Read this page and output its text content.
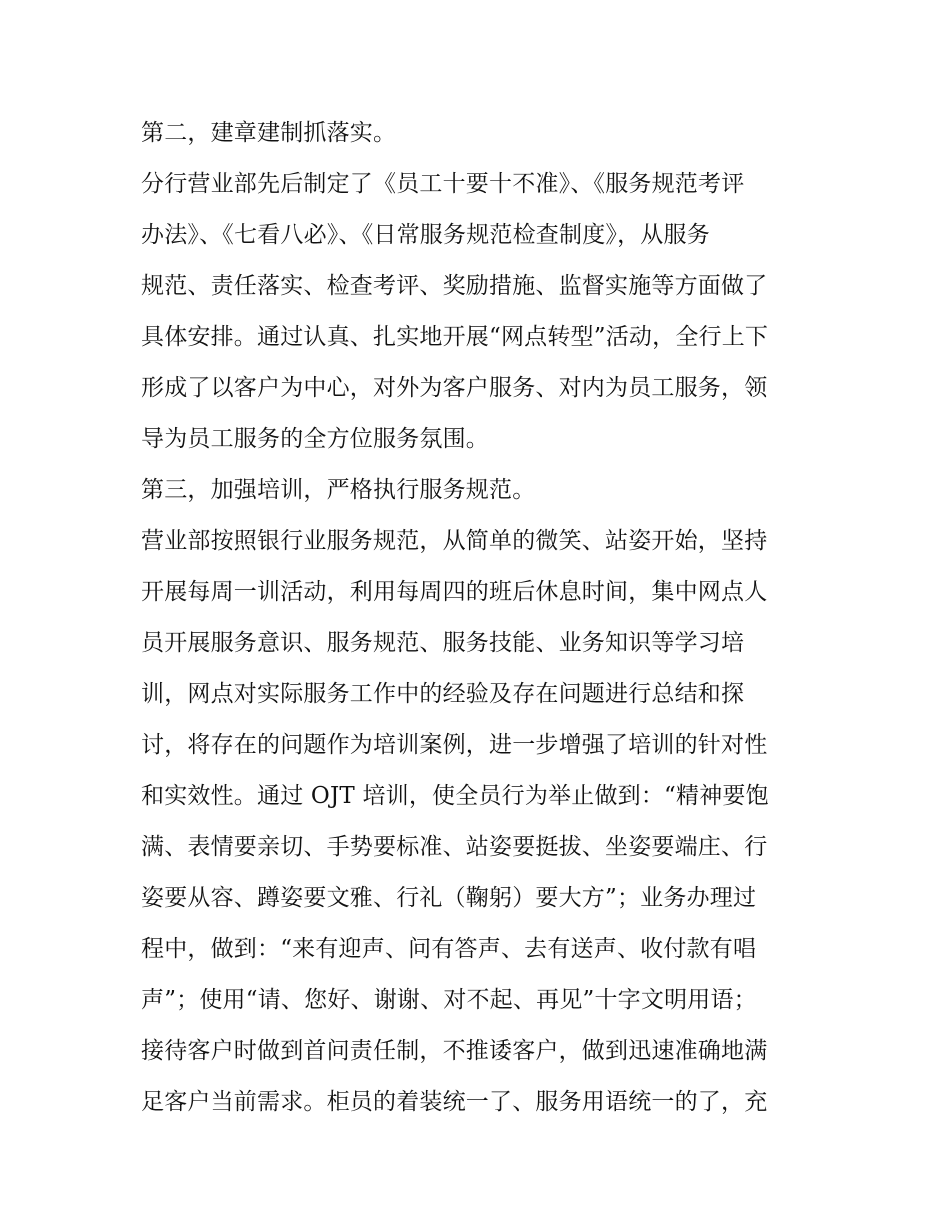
第二，建章建制抓落实。
分行营业部先后制定了《员工十要十不准》、《服务规范考评
办法》、《七看八必》、《日常服务规范检查制度》，从服务
规范、责任落实、检查考评、奖励措施、监督实施等方面做了
具体安排。通过认真、扎实地开展“网点转型”活动，全行上下
形成了以客户为中心，对外为客户服务、对内为员工服务，领
导为员工服务的全方位服务氛围。
第三，加强培训，严格执行服务规范。
营业部按照银行业服务规范，从简单的微笑、站姿开始，坚持
开展每周一训活动，利用每周四的班后休息时间，集中网点人
员开展服务意识、服务规范、服务技能、业务知识等学习培
训，网点对实际服务工作中的经验及存在问题进行总结和探
讨，将存在的问题作为培训案例，进一步增强了培训的针对性
和实效性。通过 OJT 培训，使全员行为举止做到：“精神要饱
满、表情要亲切、手势要标准、站姿要挺拔、坐姿要端庄、行
姿要从容、蹲姿要文雅、行礼（鞠躬）要大方”；业务办理过
程中，做到：“来有迎声、问有答声、去有送声、收付款有唱
声”；使用“请、您好、谢谢、对不起、再见”十字文明用语；
接待客户时做到首问责任制，不推诿客户，做到迅速准确地满
足客户当前需求。柜员的着装统一了、服务用语统一的了，充
